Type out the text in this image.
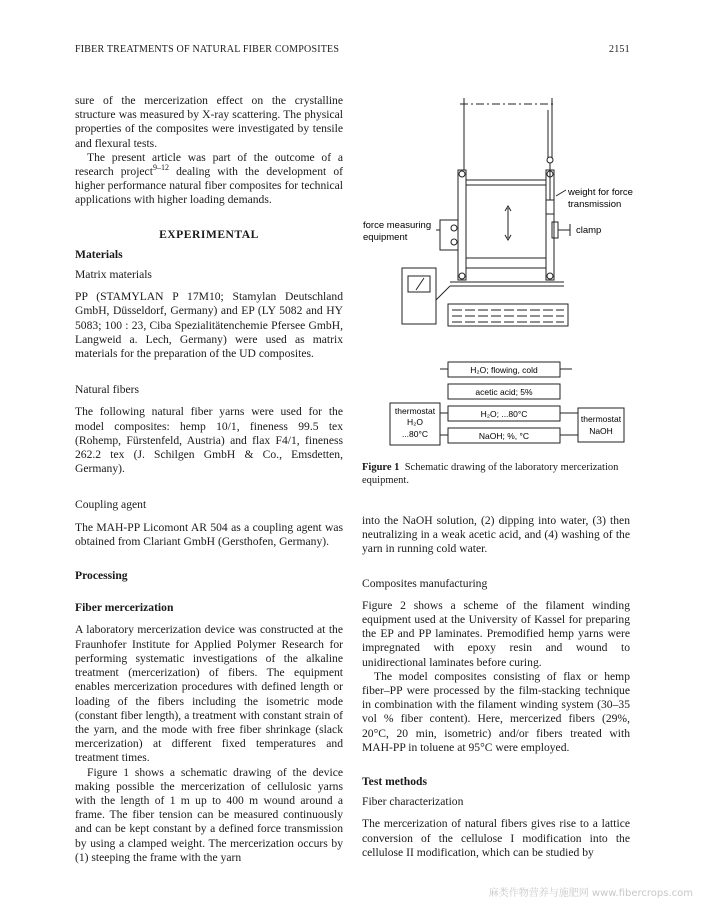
FIBER TREATMENTS OF NATURAL FIBER COMPOSITES	2151

sure of the mercerization effect on the crystalline structure was measured by X-ray scattering. The physical properties of the composites were investigated by tensile and flexural tests.

The present article was part of the outcome of a research project$^{9-12}$ dealing with the development of higher performance natural fiber composites for technical applications with higher loading demands.

EXPERIMENTAL

Materials

Matrix materials

PP (STAMYLAN P 17M10; Stamylan Deutschland GmbH, Düsseldorf, Germany) and EP (LY 5082 and HY 5083; 100 : 23, Ciba Spezialitätenchemie Pfersee GmbH, Langweid a. Lech, Germany) were used as matrix materials for the preparation of the UD composites.

Natural fibers

The following natural fiber yarns were used for the model composites: hemp 10/1, fineness 99.5 tex (Rohemp, Fürstenfeld, Austria) and flax F4/1, fineness 262.2 tex (J. Schilgen GmbH & Co., Emsdetten, Germany).

Coupling agent

The MAH-PP Licomont AR 504 as a coupling agent was obtained from Clariant GmbH (Gersthofen, Germany).

Processing

Fiber mercerization

A laboratory mercerization device was constructed at the Fraunhofer Institute for Applied Polymer Research for performing systematic investigations of the alkaline treatment (mercerization) of fibers. The equipment enables mercerization procedures with defined length or loading of the fibers including the isometric mode (constant fiber length), a treatment with constant strain of the yarn, and the mode with free fiber shrinkage (slack mercerization) at different fixed temperatures and treatment times.

Figure 1 shows a schematic drawing of the device making possible the mercerization of cellulosic yarns with the length of 1 m up to 400 m wound around a frame. The fiber tension can be measured continuously and can be kept constant by a defined force transmission by using a clamped weight. The mercerization occurs by (1) steeping the frame with the yarn

weight for force
transmission
clamp
force measuring
equipment
H₂O; flowing, cold
acetic acid; 5%
H₂O; ...80°C
NaOH; %, °C
thermostat
H₂O
...80°C
thermostat
NaOH
Figure 1 Schematic drawing of the laboratory mercerization equipment.

into the NaOH solution, (2) dipping into water, (3) then neutralizing in a weak acetic acid, and (4) washing of the yarn in running cold water.

Composites manufacturing

Figure 2 shows a scheme of the filament winding equipment used at the University of Kassel for preparing the EP and PP laminates. Premodified hemp yarns were impregnated with epoxy resin and wound to unidirectional laminates before curing.

The model composites consisting of flax or hemp fiber–PP were processed by the film-stacking technique in combination with the filament winding system (30–35 vol % fiber content). Here, mercerized fibers (29%, 20°C, 20 min, isometric) and/or fibers treated with MAH-PP in toluene at 95°C were employed.

Test methods

Fiber characterization

The mercerization of natural fibers gives rise to a lattice conversion of the cellulose I modification into the cellulose II modification, which can be studied by

麻类作物营养与施肥网 www.fibercrops.com
